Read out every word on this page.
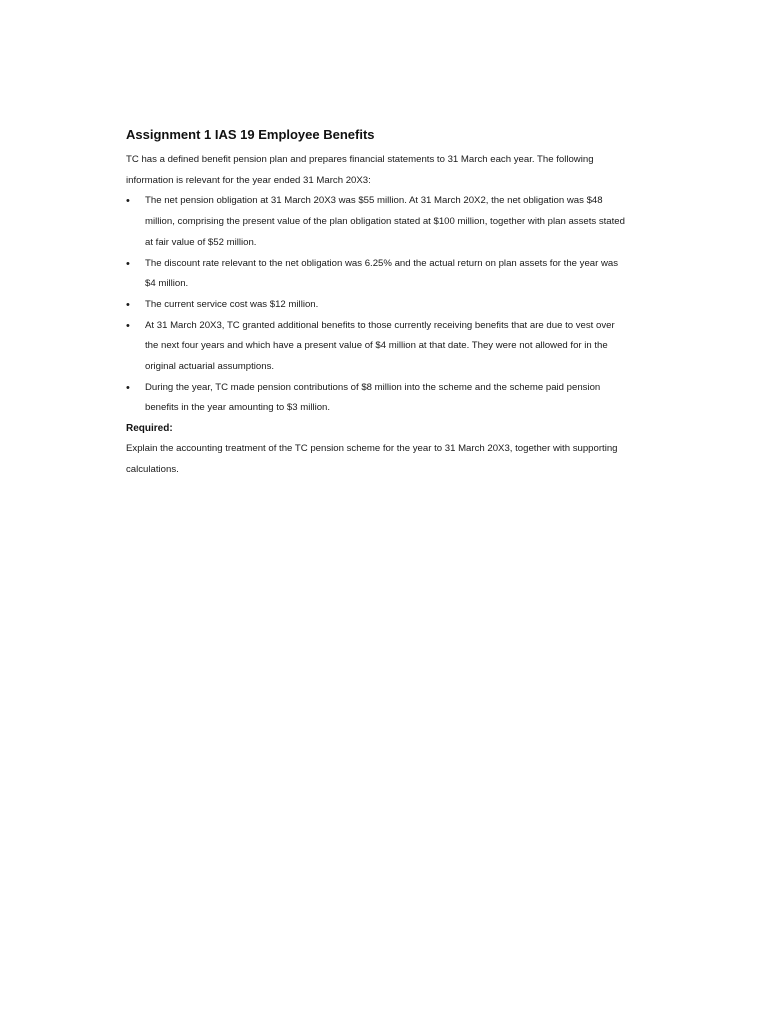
Assignment 1 IAS 19 Employee Benefits

TC has a defined benefit pension plan and prepares financial statements to 31 March each year. The following information is relevant for the year ended 31 March 20X3:

• The net pension obligation at 31 March 20X3 was $55 million. At 31 March 20X2, the net obligation was $48 million, comprising the present value of the plan obligation stated at $100 million, together with plan assets stated at fair value of $52 million.
• The discount rate relevant to the net obligation was 6.25% and the actual return on plan assets for the year was $4 million.
• The current service cost was $12 million.
• At 31 March 20X3, TC granted additional benefits to those currently receiving benefits that are due to vest over the next four years and which have a present value of $4 million at that date. They were not allowed for in the original actuarial assumptions.
• During the year, TC made pension contributions of $8 million into the scheme and the scheme paid pension benefits in the year amounting to $3 million.

Required:

Explain the accounting treatment of the TC pension scheme for the year to 31 March 20X3, together with supporting calculations.
